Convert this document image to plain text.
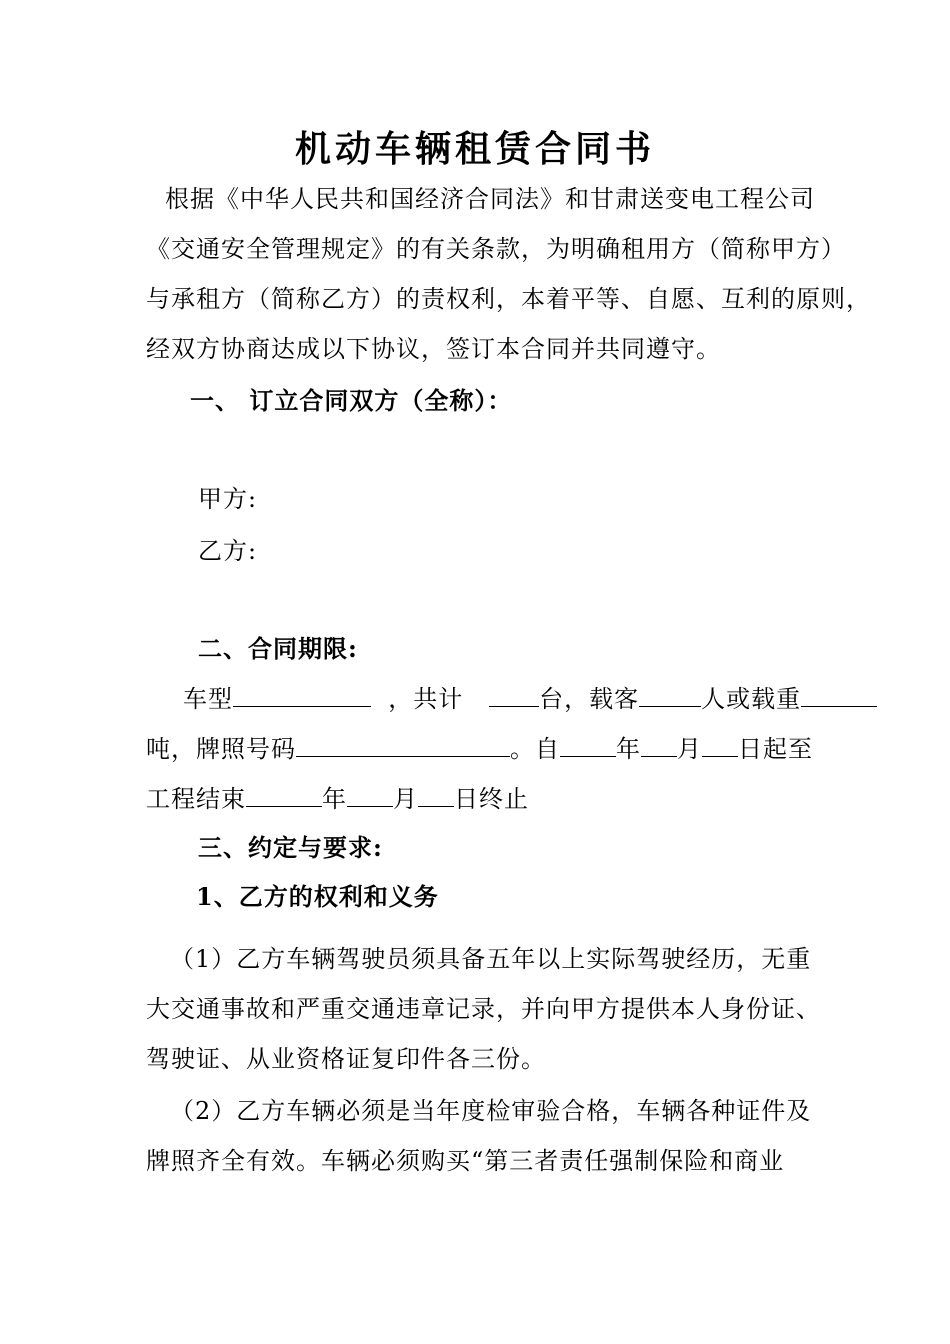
机动车辆租赁合同书
根据《中华人民共和国经济合同法》和甘肃送变电工程公司
《交通安全管理规定》的有关条款，为明确租用方（简称甲方）
与承租方（简称乙方）的责权利，本着平等、自愿、互利的原则，
经双方协商达成以下协议，签订本合同并共同遵守。
一、 订立合同双方（全称）：
甲方:
乙方:
二、合同期限:
车型	，共计	台，载客	人或载重
吨，牌照号码	。自 年 月 日起至
工程结束	年 月 日终止
三、约定与要求:
1、乙方的权利和义务
（1）乙方车辆驾驶员须具备五年以上实际驾驶经历，无重
大交通事故和严重交通违章记录，并向甲方提供本人身份证、
驾驶证、从业资格证复印件各三份。
（2）乙方车辆必须是当年度检审验合格，车辆各种证件及
牌照齐全有效。车辆必须购买“第三者责任强制保险和商业
